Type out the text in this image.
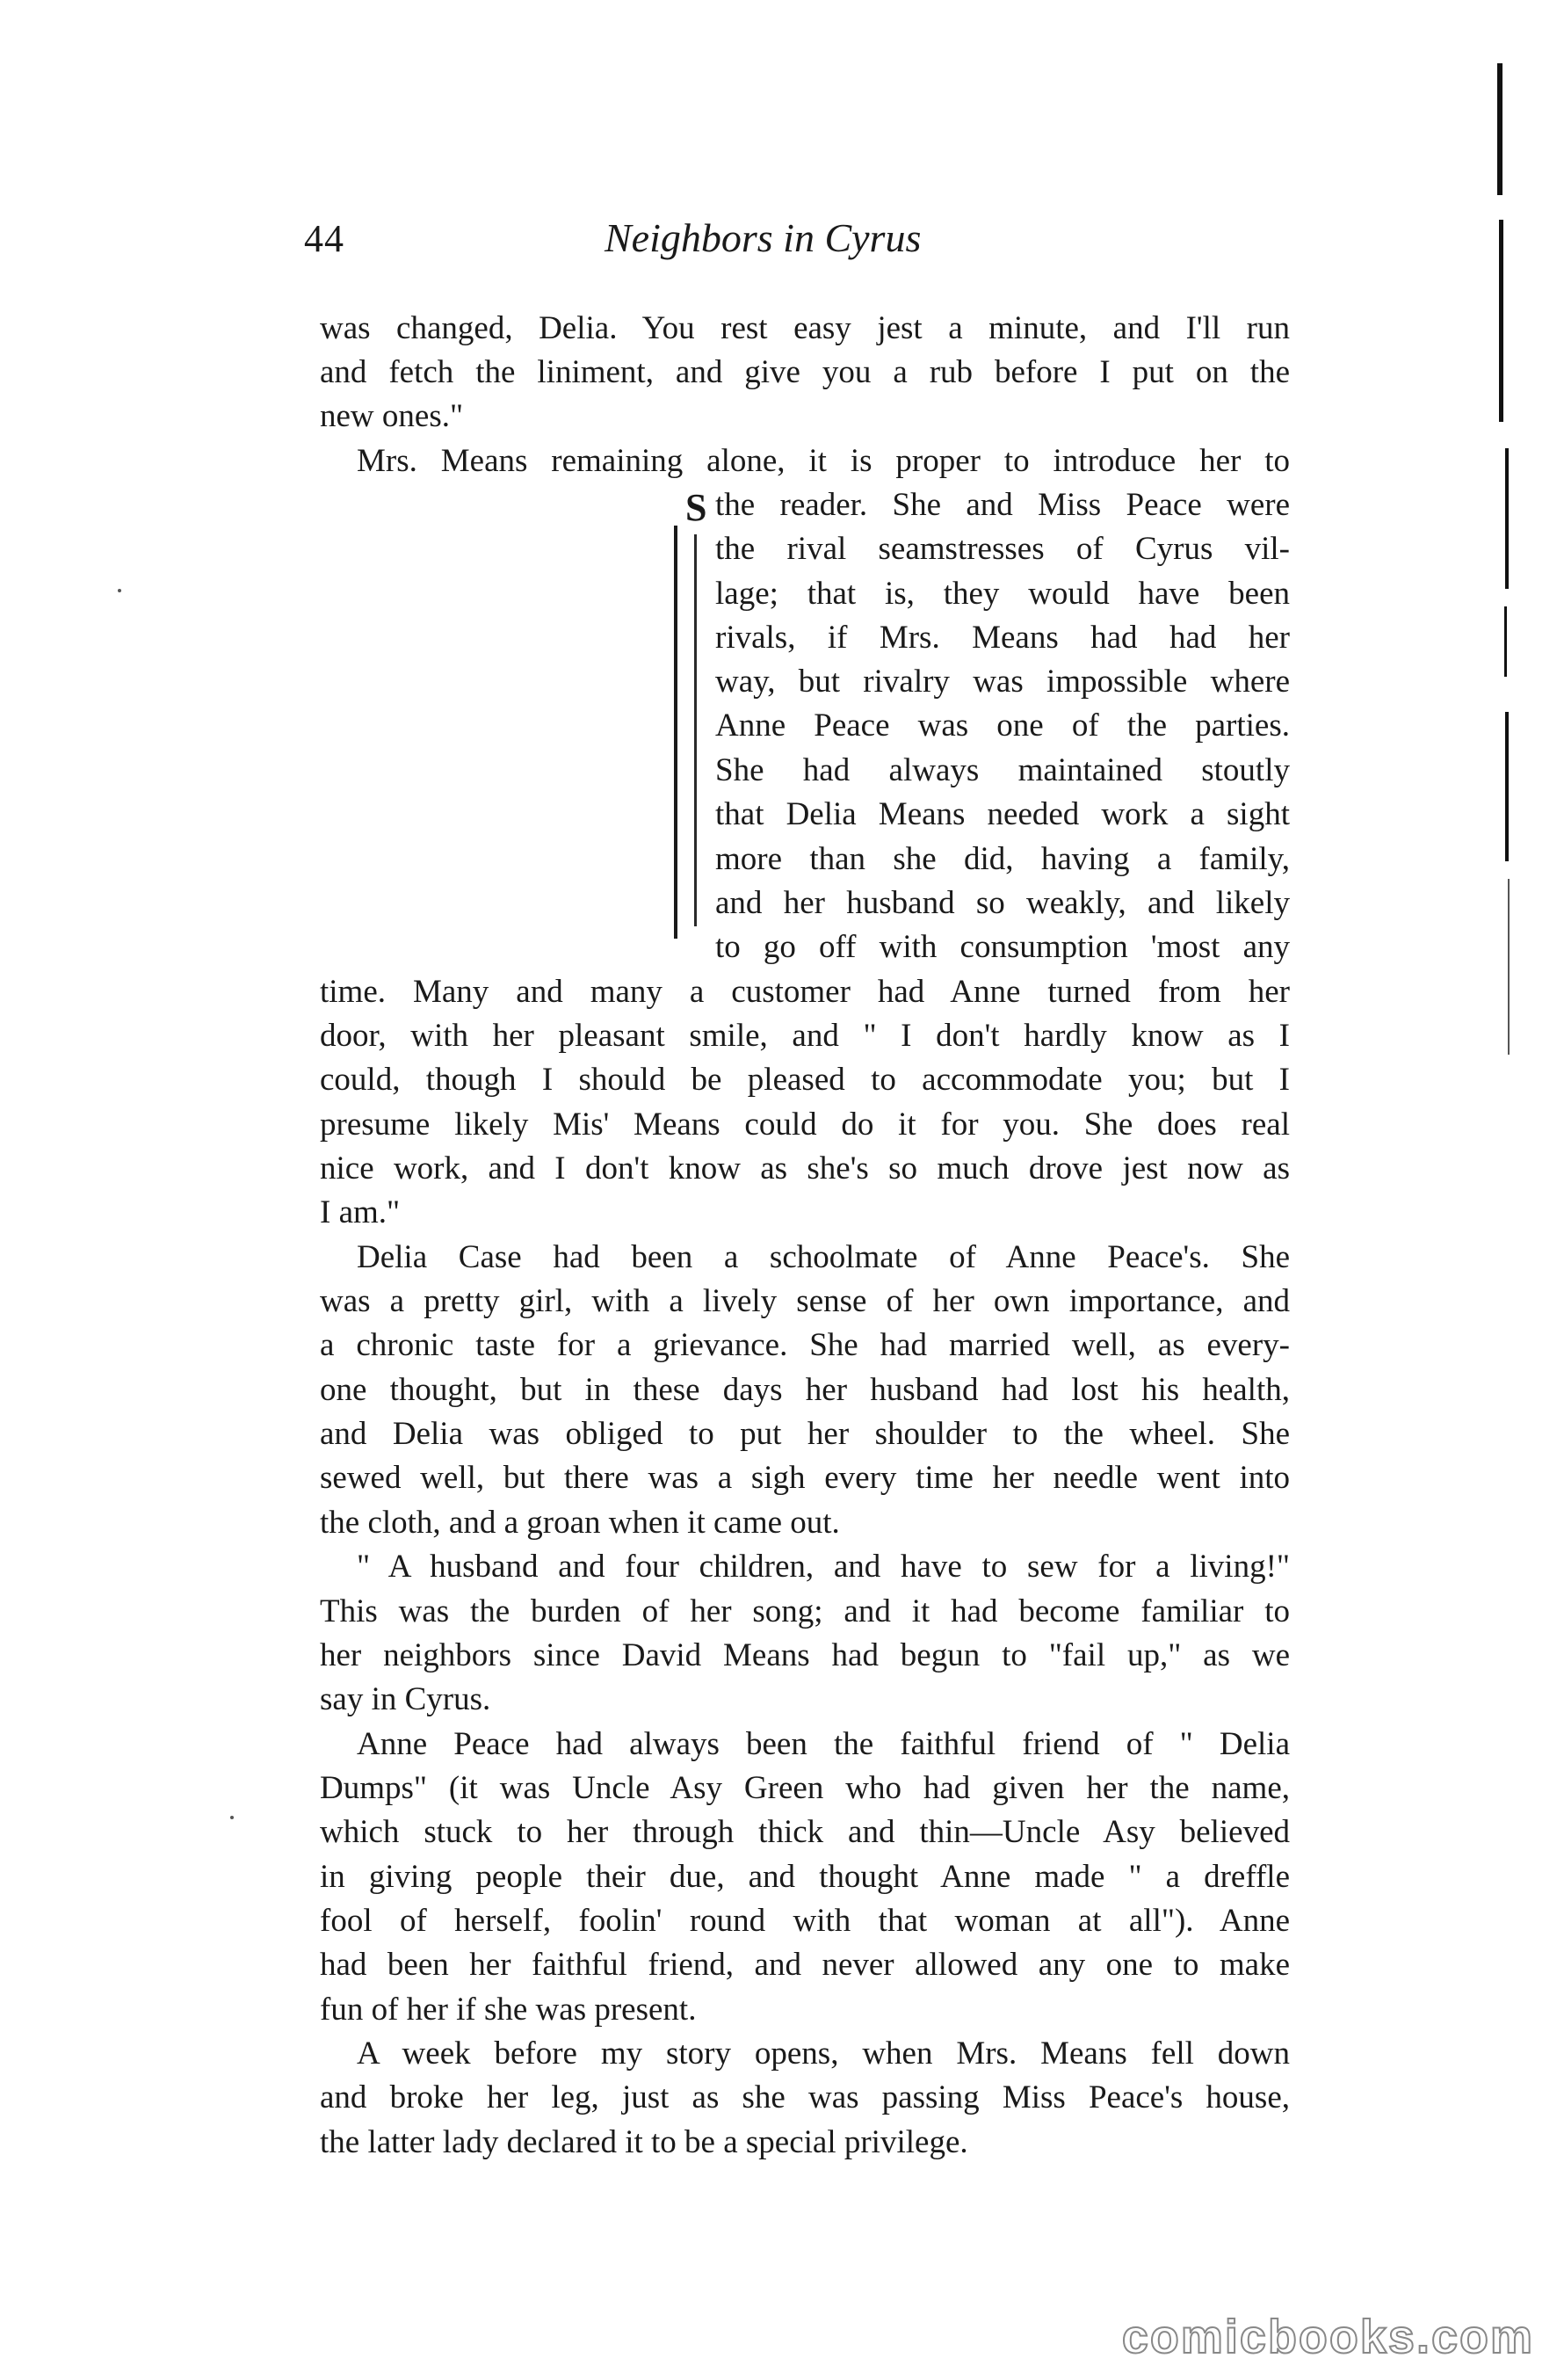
44	Neighbors in Cyrus
S
was changed, Delia. You rest easy jest a minute, and I'll run
and fetch the liniment, and give you a rub before I put on the
new ones."
Mrs. Means remaining alone, it is proper to introduce her to
the reader. She and Miss Peace were
the rival seamstresses of Cyrus vil-
lage; that is, they would have been
rivals, if Mrs. Means had had her
way, but rivalry was impossible where
Anne Peace was one of the parties.
She had always maintained stoutly
that Delia Means needed work a sight
more than she did, having a family,
and her husband so weakly, and likely
to go off with consumption 'most any
time. Many and many a customer had Anne turned from her
door, with her pleasant smile, and " I don't hardly know as I
could, though I should be pleased to accommodate you; but I
presume likely Mis' Means could do it for you. She does real
nice work, and I don't know as she's so much drove jest now as
I am."
Delia Case had been a schoolmate of Anne Peace's. She
was a pretty girl, with a lively sense of her own importance, and
a chronic taste for a grievance. She had married well, as every-
one thought, but in these days her husband had lost his health,
and Delia was obliged to put her shoulder to the wheel. She
sewed well, but there was a sigh every time her needle went into
the cloth, and a groan when it came out.
" A husband and four children, and have to sew for a living!"
This was the burden of her song; and it had become familiar to
her neighbors since David Means had begun to "fail up," as we
say in Cyrus.
Anne Peace had always been the faithful friend of " Delia
Dumps" (it was Uncle Asy Green who had given her the name,
which stuck to her through thick and thin—Uncle Asy believed
in giving people their due, and thought Anne made " a dreffle
fool of herself, foolin' round with that woman at all"). Anne
had been her faithful friend, and never allowed any one to make
fun of her if she was present.
A week before my story opens, when Mrs. Means fell down
and broke her leg, just as she was passing Miss Peace's house,
the latter lady declared it to be a special privilege.
comicbooks.com
